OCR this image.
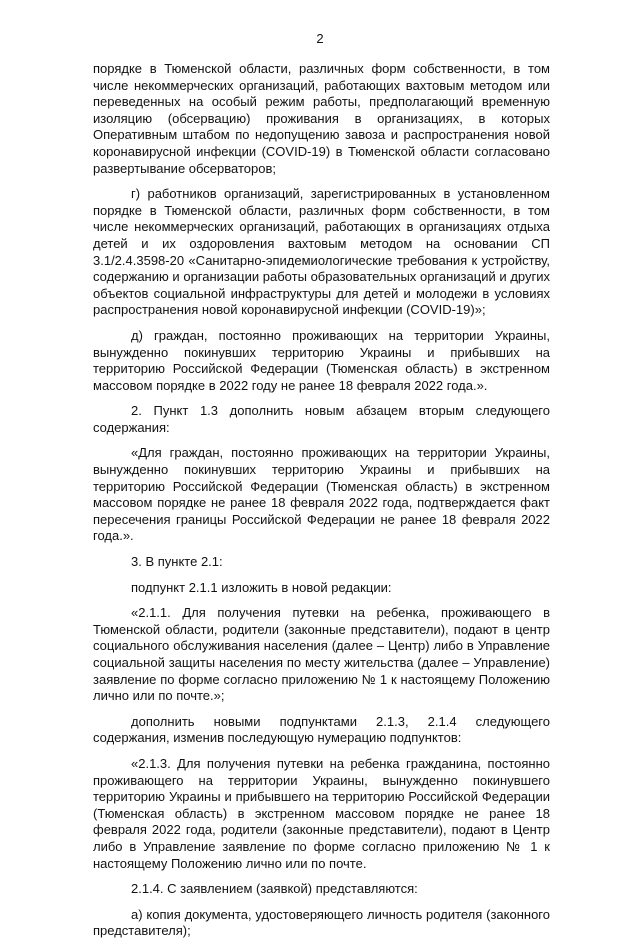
2

порядке в Тюменской области, различных форм собственности, в том числе некоммерческих организаций, работающих вахтовым методом или переведенных на особый режим работы, предполагающий временную изоляцию (обсервацию) проживания в организациях, в которых Оперативным штабом по недопущению завоза и распространения новой коронавирусной инфекции (COVID-19) в Тюменской области согласовано развертывание обсерваторов;

г) работников организаций, зарегистрированных в установленном порядке в Тюменской области, различных форм собственности, в том числе некоммерческих организаций, работающих в организациях отдыха детей и их оздоровления вахтовым методом на основании СП 3.1/2.4.3598-20 «Санитарно-эпидемиологические требования к устройству, содержанию и организации работы образовательных организаций и других объектов социальной инфраструктуры для детей и молодежи в условиях распространения новой коронавирусной инфекции (COVID-19)»;

д) граждан, постоянно проживающих на территории Украины, вынужденно покинувших территорию Украины и прибывших на территорию Российской Федерации (Тюменская область) в экстренном массовом порядке в 2022 году не ранее 18 февраля 2022 года.».

2. Пункт 1.3 дополнить новым абзацем вторым следующего содержания:

«Для граждан, постоянно проживающих на территории Украины, вынужденно покинувших территорию Украины и прибывших на территорию Российской Федерации (Тюменская область) в экстренном массовом порядке не ранее 18 февраля 2022 года, подтверждается факт пересечения границы Российской Федерации не ранее 18 февраля 2022 года.».

3. В пункте 2.1:

подпункт 2.1.1 изложить в новой редакции:

«2.1.1. Для получения путевки на ребенка, проживающего в Тюменской области, родители (законные представители), подают в центр социального обслуживания населения (далее – Центр) либо в Управление социальной защиты населения по месту жительства (далее – Управление) заявление по форме согласно приложению № 1 к настоящему Положению лично или по почте.»;

дополнить новыми подпунктами 2.1.3, 2.1.4 следующего содержания, изменив последующую нумерацию подпунктов:

«2.1.3. Для получения путевки на ребенка гражданина, постоянно проживающего на территории Украины, вынужденно покинувшего территорию Украины и прибывшего на территорию Российской Федерации (Тюменская область) в экстренном массовом порядке не ранее 18 февраля 2022 года, родители (законные представители), подают в Центр либо в Управление заявление по форме согласно приложению № 1 к настоящему Положению лично или по почте.

2.1.4. С заявлением (заявкой) представляются:

а) копия документа, удостоверяющего личность родителя (законного представителя);
